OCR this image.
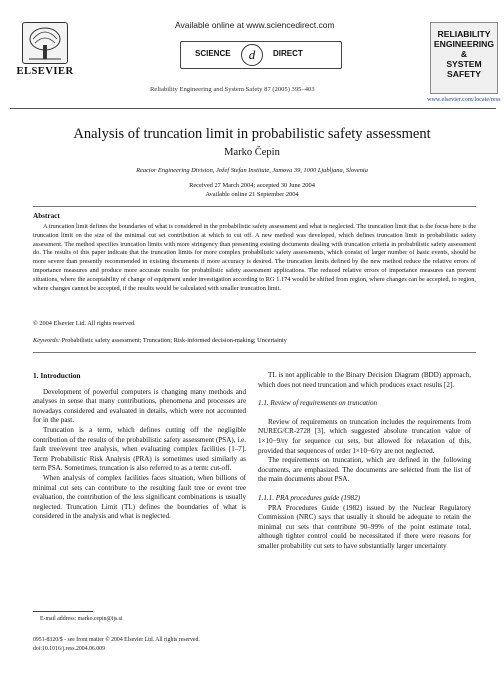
ELSEVIER
Available online at www.sciencedirect.com
SCIENCE	d	DIRECT
Reliability Engineering and System Safety 87 (2005) 395–403
RELIABILITY
ENGINEERING
&
SYSTEM
SAFETY
www.elsevier.com/locate/ress
Analysis of truncation limit in probabilistic safety assessment
Marko Čepin
Reactor Engineering Division, Jožef Stefan Institute, Jamova 39, 1000 Ljubljana, Slovenia
Received 27 March 2004; accepted 30 June 2004
Available online 21 September 2004
Abstract
A truncation limit defines the boundaries of what is considered in the probabilistic safety assessment and what is neglected. The truncation limit that is the focus here is the truncation limit on the size of the minimal cut set contribution at which to cut off. A new method was developed, which defines truncation limit in probabilistic safety assessment. The method specifies truncation limits with more stringency than presenting existing documents dealing with truncation criteria in probabilistic safety assessment do. The results of this paper indicate that the truncation limits for more complex probabilistic safety assessments, which consist of larger number of basic events, should be more severe than presently recommended in existing documents if more accuracy is desired. The truncation limits defined by the new method reduce the relative errors of importance measures and produce more accurate results for probabilistic safety assessment applications. The reduced relative errors of importance measures can prevent situations, where the acceptability of change of equipment under investigation according to RG 1.174 would be shifted from region, where changes can be accepted, to region, where changes cannot be accepted, if the results would be calculated with smaller truncation limit.
© 2004 Elsevier Ltd. All rights reserved.
Keywords: Probabilistic safety assessment; Truncation; Risk-informed decision-making; Uncertainty
1. Introduction

Development of powerful computers is changing many methods and analyses in sense that many contributions, phenomena and processes are nowadays considered and evaluated in details, which were not accounted for in the past.

Truncation is a term, which defines cutting off the negligible contribution of the results of the probabilistic safety assessment (PSA), i.e. fault tree/event tree analysis, when evaluating complex facilities [1–7]. Term Probabilistic Risk Analysis (PRA) is sometimes used similarly as term PSA. Sometimes, truncation is also referred to as a term: cut-off.

When analysis of complex facilities faces situation, when billions of minimal cut sets can contribute to the resulting fault tree or event tree evaluation, the contribution of the less significant combinations is usually neglected. Truncation Limit (TL) defines the boundaries of what is considered in the analysis and what is neglected.

E-mail address: marko.cepin@ijs.si
0951-8320/$ - see front matter © 2004 Elsevier Ltd. All rights reserved.
doi:10.1016/j.ress.2004.06.009

TL is not applicable to the Binary Decision Diagram (BDD) approach, which does not need truncation and which produces exact results [2].

1.1. Review of requirements on truncation

Review of requirements on truncation includes the requirements from NUREG/CR-2728 [3], which suggested absolute truncation value of 1×10−9/ry for sequence cut sets, but allowed for relaxation of this, provided that sequences of order 1×10−6/ry are not neglected.

The requirements on truncation, which are defined in the following documents, are emphasized. The documents are selected from the list of the main documents about PSA.

1.1.1. PRA procedures guide (1982)

PRA Procedures Guide (1982) issued by the Nuclear Regulatory Commission (NRC) says that usually it should be adequate to retain the minimal cut sets that contribute 90–99% of the point estimate total, although tighter control could be necessitated if there were reasons for smaller probability cut sets to have substantially larger uncertainty
